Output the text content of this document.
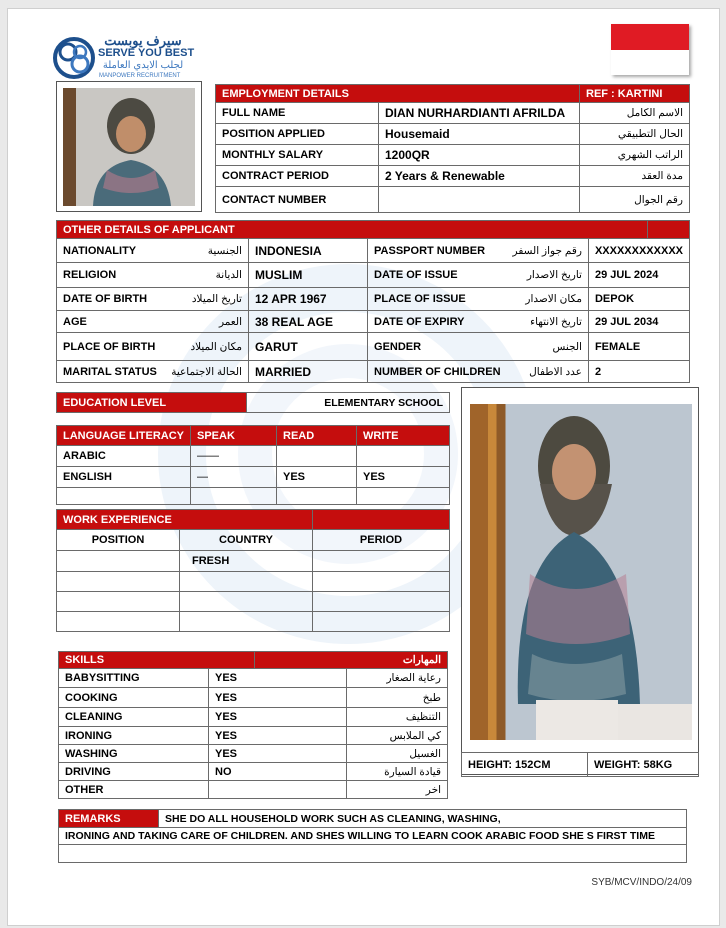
سيرف يوبست
SERVE YOU BEST
لجلب الايدي العاملة
MANPOWER RECRUITMENT
EMPLOYMENT DETAILS		REF : KARTINI
FULL NAME	DIAN NURHARDIANTI AFRILDA	الاسم الكامل
POSITION APPLIED	Housemaid	الحال التطبيقي
MONTHLY SALARY	1200QR	الراتب الشهري
CONTRACT PERIOD	2 Years & Renewable	مدة العقد
CONTACT NUMBER		رقم الجوال
OTHER DETAILS OF APPLICANT	
NATIONALITY	الجنسية	INDONESIA	PASSPORT NUMBER	رقم جواز السفر	XXXXXXXXXXXX
RELIGION	الديانة	MUSLIM	DATE OF ISSUE	تاريخ الاصدار	29 JUL 2024
DATE OF BIRTH	تاريخ الميلاد	12 APR 1967	PLACE OF ISSUE	مكان الاصدار	DEPOK
AGE	العمر	38 REAL AGE	DATE OF EXPIRY	تاريخ الانتهاء	29 JUL 2034
PLACE OF BIRTH	مكان الميلاد	GARUT	GENDER	الجنس	FEMALE
MARITAL STATUS	الحالة الاجتماعية	MARRIED	NUMBER OF CHILDREN	عدد الاطفال	2
EDUCATION LEVEL	ELEMENTARY SCHOOL
LANGUAGE LITERACY	SPEAK	READ	WRITE
ARABIC	——		
ENGLISH	—	YES	YES

WORK EXPERIENCE		
POSITION	COUNTRY	PERIOD
	FRESH	

SKILLS	المهارات
BABYSITTING	YES	رعاية الصغار
COOKING	YES	طبخ
CLEANING	YES	التنظيف
IRONING	YES	كي الملابس
WASHING	YES	الغسيل
DRIVING	NO	قيادة السيارة
OTHER		اخر
HEIGHT: 152CM	WEIGHT: 58KG
REMARKS	SHE DO ALL HOUSEHOLD WORK SUCH AS CLEANING, WASHING,
IRONING AND TAKING CARE OF CHILDREN. AND SHES WILLING TO LEARN COOK ARABIC FOOD SHE S FIRST TIME

SYB/MCV/INDO/24/09
